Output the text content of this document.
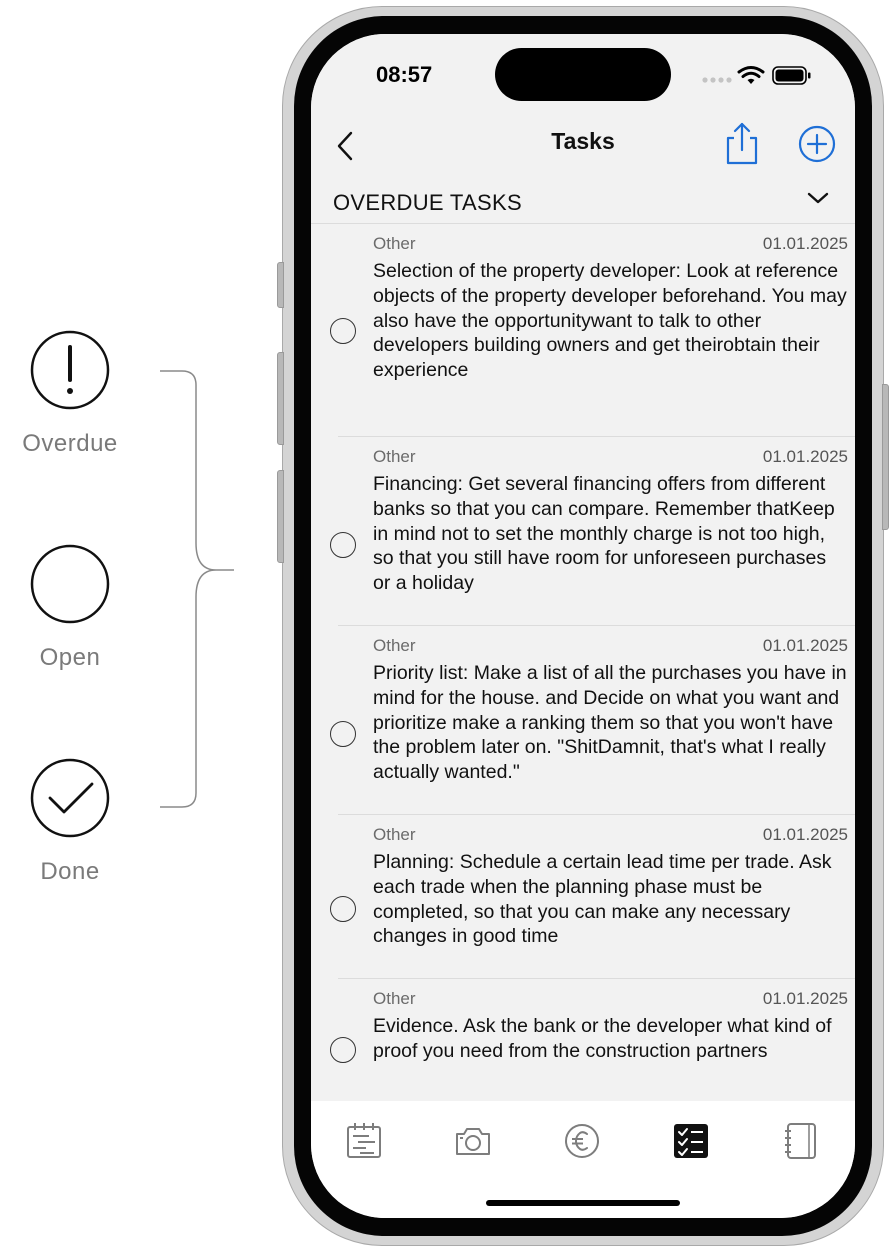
Overdue
Open
Done
08:57
Tasks
OVERDUE TASKS
Other	01.01.2025
Selection of the property developer: Look at reference objects of the property developer beforehand. You may also have the opportunitywant to talk to other developers building owners and get theirobtain their experience
Other	01.01.2025
Financing: Get several financing offers from different banks so that you can compare. Remember thatKeep in mind not to set the monthly charge is not too high, so that you still have room for unforeseen purchases or a holiday
Other	01.01.2025
Priority list: Make a list of all the purchases you have in mind for the house. and Decide on what you want and prioritize make a ranking them so that you won't have the problem later on. "ShitDamnit, that's what I really actually wanted."
Other	01.01.2025
Planning: Schedule a certain lead time per trade. Ask each trade when the planning phase must be completed, so that you can make any necessary changes in good time
Other	01.01.2025
Evidence. Ask the bank or the developer what kind of proof you need from the construction partners
